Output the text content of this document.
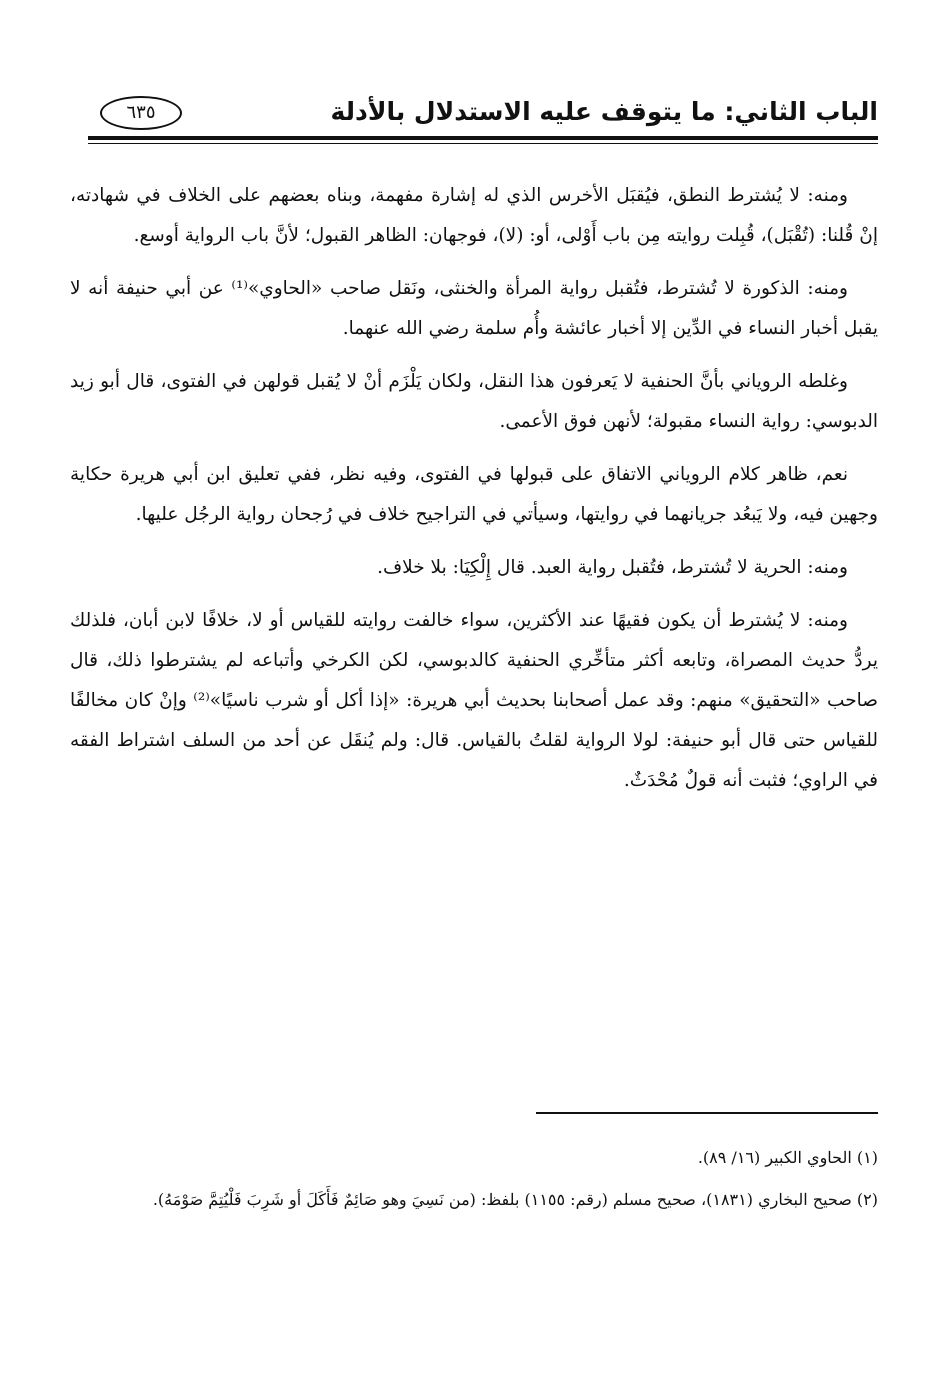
الباب الثاني: ما يتوقف عليه الاستدلال بالأدلة
٦٣٥

ومنه: لا يُشترط النطق، فيُقبَل الأخرس الذي له إشارة مفهمة، وبناه بعضهم على الخلاف في شهادته، إنْ قُلنا: (تُقْبَل)، قُبِلت روايته مِن باب أَوْلى، أو: (لا)، فوجهان: الظاهر القبول؛ لأنَّ باب الرواية أوسع.

ومنه: الذكورة لا تُشترط، فتُقبل رواية المرأة والخنثى، ونَقل صاحب «الحاوي»⁽¹⁾ عن أبي حنيفة أنه لا يقبل أخبار النساء في الدِّين إلا أخبار عائشة وأُم سلمة رضي الله عنهما.

وغلطه الروياني بأنَّ الحنفية لا يَعرفون هذا النقل، ولكان يَلْزَم أنْ لا يُقبل قولهن في الفتوى، قال أبو زيد الدبوسي: رواية النساء مقبولة؛ لأنهن فوق الأعمى.

نعم، ظاهر كلام الروياني الاتفاق على قبولها في الفتوى، وفيه نظر، ففي تعليق ابن أبي هريرة حكاية وجهين فيه، ولا يَبعُد جريانهما في روايتها، وسيأتي في التراجيح خلاف في رُجحان رواية الرجُل عليها.

ومنه: الحرية لا تُشترط، فتُقبل رواية العبد. قال إِلْكِيَا: بلا خلاف.

ومنه: لا يُشترط أن يكون فقيهًا عند الأكثرين، سواء خالفت روايته للقياس أو لا، خلافًا لابن أبان، فلذلك يردُّ حديث المصراة، وتابعه أكثر متأخِّري الحنفية كالدبوسي، لكن الكرخي وأتباعه لم يشترطوا ذلك، قال صاحب «التحقيق» منهم: وقد عمل أصحابنا بحديث أبي هريرة: «إذا أكل أو شرب ناسيًا»⁽²⁾ وإنْ كان مخالفًا للقياس حتى قال أبو حنيفة: لولا الرواية لقلتُ بالقياس. قال: ولم يُنقَل عن أحد من السلف اشتراط الفقه في الراوي؛ فثبت أنه قولٌ مُحْدَثٌ.

(١) الحاوي الكبير (١٦/ ٨٩).

(٢) صحيح البخاري (١٨٣١)، صحيح مسلم (رقم: ١١٥٥) بلفظ: (من نَسِيَ وهو صَائِمٌ فَأَكَلَ أو شَرِبَ فَلْيُتِمَّ صَوْمَهُ).
